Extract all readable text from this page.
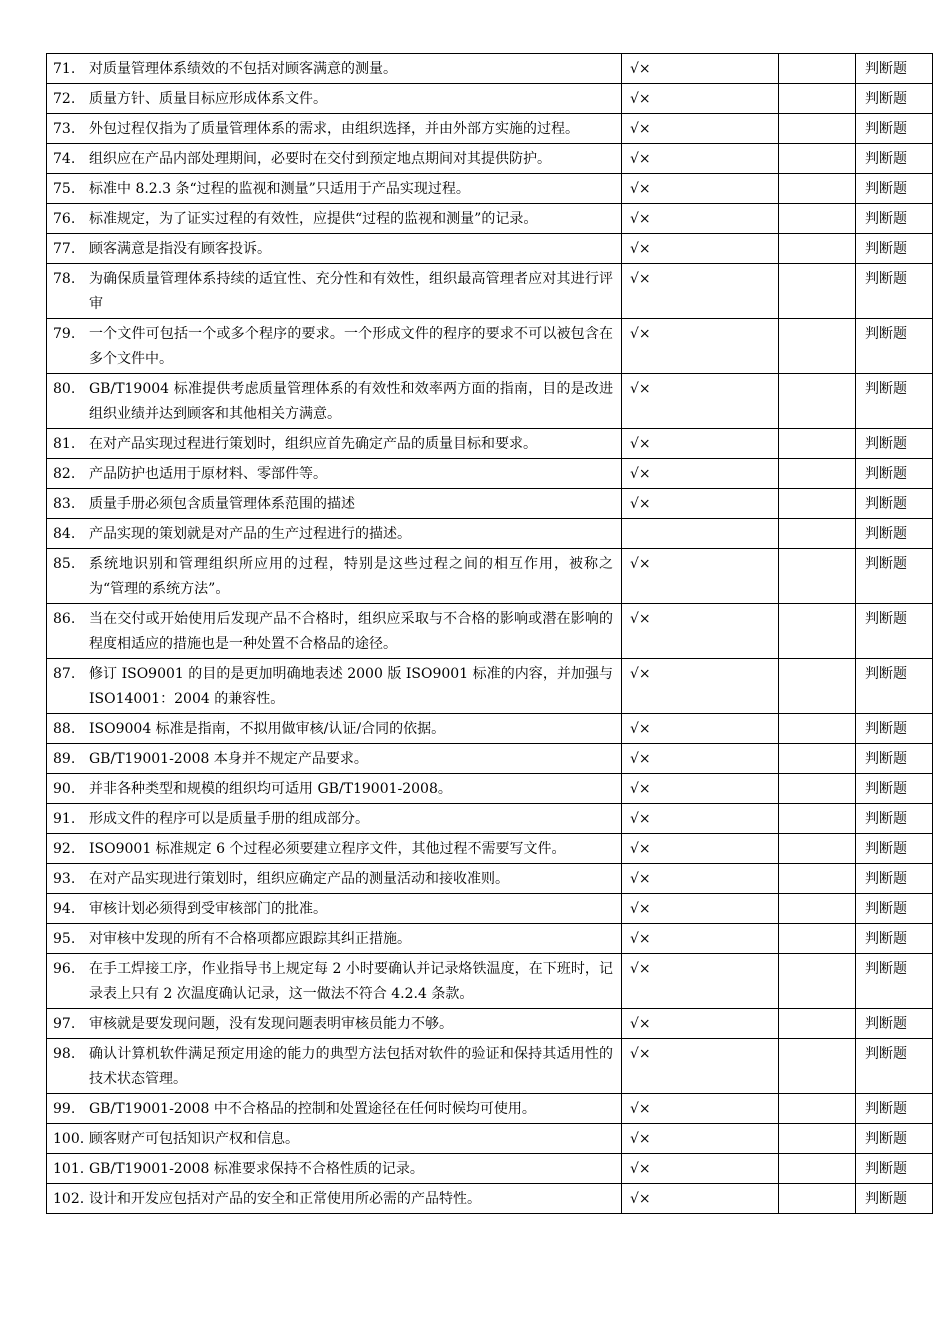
71. 对质量管理体系绩效的不包括对顾客满意的测量。	√×		判断题

72. 质量方针、质量目标应形成体系文件。	√×		判断题

73. 外包过程仅指为了质量管理体系的需求，由组织选择，并由外部方实施的过程。	√×		判断题

74. 组织应在产品内部处理期间，必要时在交付到预定地点期间对其提供防护。	√×		判断题

75. 标准中 8.2.3 条“过程的监视和测量”只适用于产品实现过程。	√×		判断题

76. 标准规定，为了证实过程的有效性，应提供“过程的监视和测量”的记录。	√×		判断题

77. 顾客满意是指没有顾客投诉。	√×		判断题

78. 为确保质量管理体系持续的适宜性、充分性和有效性，组织最高管理者应对其进行评审	√×		判断题

79. 一个文件可包括一个或多个程序的要求。一个形成文件的程序的要求不可以被包含在多个文件中。	√×		判断题

80. GB/T19004 标准提供考虑质量管理体系的有效性和效率两方面的指南，目的是改进组织业绩并达到顾客和其他相关方满意。	√×		判断题

81. 在对产品实现过程进行策划时，组织应首先确定产品的质量目标和要求。	√×		判断题

82. 产品防护也适用于原材料、零部件等。	√×		判断题

83. 质量手册必须包含质量管理体系范围的描述	√×		判断题

84. 产品实现的策划就是对产品的生产过程进行的描述。			判断题

85. 系统地识别和管理组织所应用的过程，特别是这些过程之间的相互作用，被称之为“管理的系统方法”。	√×		判断题

86. 当在交付或开始使用后发现产品不合格时，组织应采取与不合格的影响或潜在影响的程度相适应的措施也是一种处置不合格品的途径。	√×		判断题

87. 修订 ISO9001 的目的是更加明确地表述 2000 版 ISO9001 标准的内容，并加强与 ISO14001：2004 的兼容性。	√×		判断题

88. ISO9004 标准是指南，不拟用做审核/认证/合同的依据。	√×		判断题

89. GB/T19001-2008 本身并不规定产品要求。	√×		判断题

90. 并非各种类型和规模的组织均可适用 GB/T19001-2008。	√×		判断题

91. 形成文件的程序可以是质量手册的组成部分。	√×		判断题

92. ISO9001 标准规定 6 个过程必须要建立程序文件，其他过程不需要写文件。	√×		判断题

93. 在对产品实现进行策划时，组织应确定产品的测量活动和接收准则。	√×		判断题

94. 审核计划必须得到受审核部门的批准。	√×		判断题

95. 对审核中发现的所有不合格项都应跟踪其纠正措施。	√×		判断题

96. 在手工焊接工序，作业指导书上规定每 2 小时要确认并记录烙铁温度，在下班时，记录表上只有 2 次温度确认记录，这一做法不符合 4.2.4 条款。	√×		判断题

97. 审核就是要发现问题，没有发现问题表明审核员能力不够。	√×		判断题

98. 确认计算机软件满足预定用途的能力的典型方法包括对软件的验证和保持其适用性的技术状态管理。	√×		判断题

99. GB/T19001-2008 中不合格品的控制和处置途径在任何时候均可使用。	√×		判断题

100. 顾客财产可包括知识产权和信息。	√×		判断题

101. GB/T19001-2008 标准要求保持不合格性质的记录。	√×		判断题

102. 设计和开发应包括对产品的安全和正常使用所必需的产品特性。	√×		判断题
